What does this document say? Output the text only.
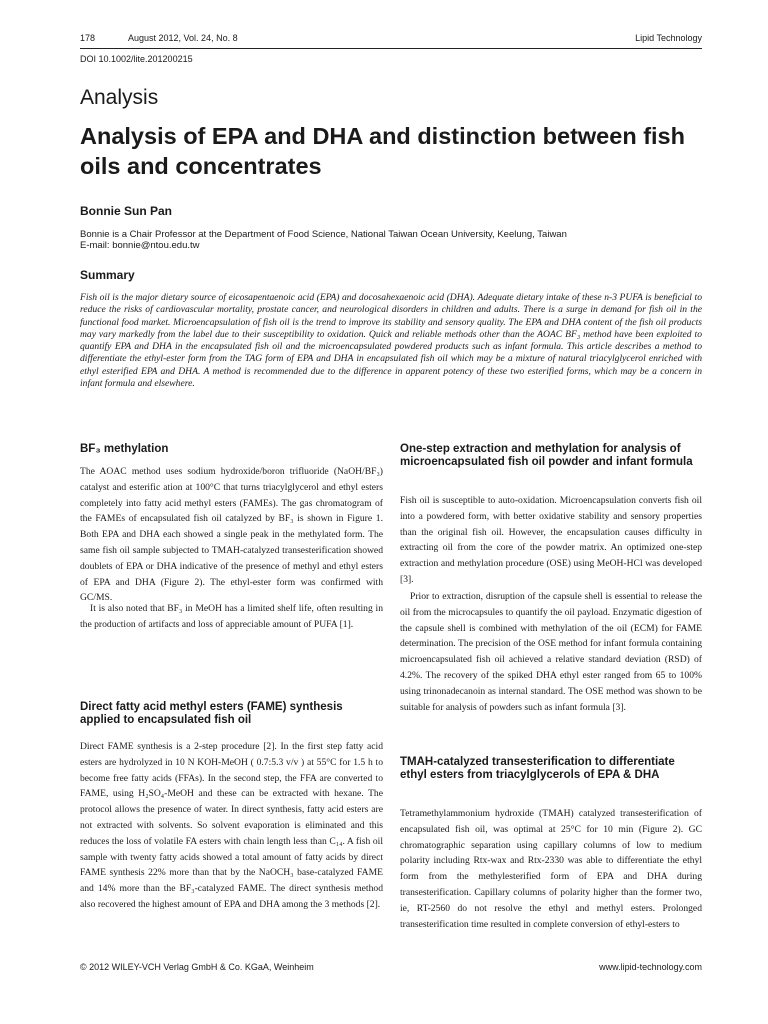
178	August 2012, Vol. 24, No. 8	Lipid Technology
DOI 10.1002/lite.201200215
Analysis
Analysis of EPA and DHA and distinction between fish oils and concentrates
Bonnie Sun Pan
Bonnie is a Chair Professor at the Department of Food Science, National Taiwan Ocean University, Keelung, Taiwan
E-mail: bonnie@ntou.edu.tw
Summary

Fish oil is the major dietary source of eicosapentaenoic acid (EPA) and docosahexaenoic acid (DHA). Adequate dietary intake of these n-3 PUFA is beneficial to reduce the risks of cardiovascular mortality, prostate cancer, and neurological disorders in children and adults. There is a surge in demand for fish oil in the functional food market. Microencapsulation of fish oil is the trend to improve its stability and sensory quality. The EPA and DHA content of the fish oil products may vary markedly from the label due to their susceptibility to oxidation. Quick and reliable methods other than the AOAC BF₃ method have been exploited to quantify EPA and DHA in the encapsulated fish oil and the microencapsulated powdered products such as infant formula. This article describes a method to differentiate the ethyl-ester form from the TAG form of EPA and DHA in encapsulated fish oil which may be a mixture of natural triacylglycerol enriched with ethyl esterified EPA and DHA. A method is recommended due to the difference in apparent potency of these two esterified forms, which may be a concern in infant formula and elsewhere.

BF₃ methylation

The AOAC method uses sodium hydroxide/boron trifluoride (NaOH/BF₃) catalyst and esterific ation at 100°C that turns triacylglycerol and ethyl esters completely into fatty acid methyl esters (FAMEs). The gas chromatogram of the FAMEs of encapsulated fish oil catalyzed by BF₃ is shown in Figure 1. Both EPA and DHA each showed a single peak in the methylated form. The same fish oil sample subjected to TMAH-catalyzed transesterification showed doublets of EPA or DHA indicative of the presence of methyl and ethyl esters of EPA and DHA (Figure 2). The ethyl-ester form was confirmed with GC/MS.

It is also noted that BF₃ in MeOH has a limited shelf life, often resulting in the production of artifacts and loss of appreciable amount of PUFA [1].

Direct fatty acid methyl esters (FAME) synthesis applied to encapsulated fish oil

Direct FAME synthesis is a 2-step procedure [2]. In the first step fatty acid esters are hydrolyzed in 10 N KOH-MeOH ( 0.7:5.3 v/v ) at 55°C for 1.5 h to become free fatty acids (FFAs). In the second step, the FFA are converted to FAME, using H₂SO₄-MeOH and these can be extracted with hexane. The protocol allows the presence of water. In direct synthesis, fatty acid esters are not extracted with solvents. So solvent evaporation is eliminated and this reduces the loss of volatile FA esters with chain length less than C₁₄. A fish oil sample with twenty fatty acids showed a total amount of fatty acids by direct FAME synthesis 22% more than that by the NaOCH₃ base-catalyzed FAME and 14% more than the BF₃-catalyzed FAME. The direct synthesis method also recovered the highest amount of EPA and DHA among the 3 methods [2].

One-step extraction and methylation for analysis of microencapsulated fish oil powder and infant formula

Fish oil is susceptible to auto-oxidation. Microencapsulation converts fish oil into a powdered form, with better oxidative stability and sensory properties than the original fish oil. However, the encapsulation causes difficulty in extracting oil from the core of the powder matrix. An optimized one-step extraction and methylation procedure (OSE) using MeOH-HCl was developed [3].

Prior to extraction, disruption of the capsule shell is essential to release the oil from the microcapsules to quantify the oil payload. Enzymatic digestion of the capsule shell is combined with methylation of the oil (ECM) for FAME determination. The precision of the OSE method for infant formula containing microencapsulated fish oil achieved a relative standard deviation (RSD) of 4.2%. The recovery of the spiked DHA ethyl ester ranged from 65 to 100% using trinonadecanoin as internal standard. The OSE method was shown to be suitable for analysis of powders such as infant formula [3].

TMAH-catalyzed transesterification to differentiate ethyl esters from triacylglycerols of EPA & DHA

Tetramethylammonium hydroxide (TMAH) catalyzed transesterification of encapsulated fish oil, was optimal at 25°C for 10 min (Figure 2). GC chromatographic separation using capillary columns of low to medium polarity including Rtx-wax and Rtx-2330 was able to differentiate the ethyl form from the methylesterified form of EPA and DHA during transesterification. Capillary columns of polarity higher than the former two, ie, RT-2560 do not resolve the ethyl and methyl esters. Prolonged transesterification time resulted in complete conversion of ethyl-esters to

© 2012 WILEY-VCH Verlag GmbH & Co. KGaA, Weinheim	www.lipid-technology.com
